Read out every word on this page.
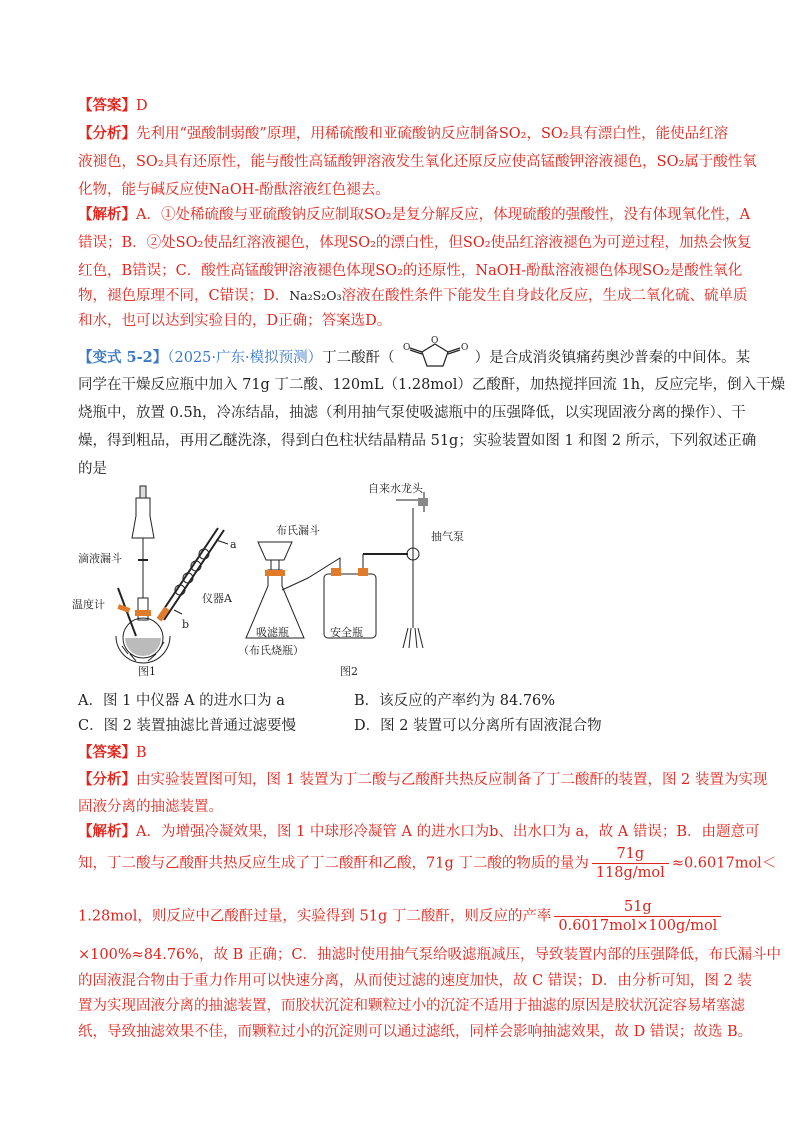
【答案】D
【分析】先利用“强酸制弱酸”原理，用稀硫酸和亚硫酸钠反应制备SO₂，SO₂具有漂白性，能使品红溶
液褪色，SO₂具有还原性，能与酸性高锰酸钾溶液发生氧化还原反应使高锰酸钾溶液褪色，SO₂属于酸性氧
化物，能与碱反应使NaOH-酚酞溶液红色褪去。
【解析】A．①处稀硫酸与亚硫酸钠反应制取SO₂是复分解反应，体现硫酸的强酸性，没有体现氧化性，A
错误；B．②处SO₂使品红溶液褪色，体现SO₂的漂白性，但SO₂使品红溶液褪色为可逆过程，加热会恢复
红色，B错误；C．酸性高锰酸钾溶液褪色体现SO₂的还原性，NaOH-酚酞溶液褪色体现SO₂是酸性氧化
物，褪色原理不同，C错误；D．Na₂S₂O₃溶液在酸性条件下能发生自身歧化反应，生成二氧化硫、硫单质
和水，也可以达到实验目的，D正确；答案选D。
【变式 5-2】（2025·广东·模拟预测）丁二酸酐（
O
O	O
）是合成消炎镇痛药奥沙普秦的中间体。某
同学在干燥反应瓶中加入 71g 丁二酸、120mL（1.28mol）乙酸酐，加热搅拌回流 1h，反应完毕，倒入干燥
烧瓶中，放置 0.5h，冷冻结晶，抽滤（利用抽气泵使吸滤瓶中的压强降低，以实现固液分离的操作）、干
燥，得到粗品，再用乙醚洗涤，得到白色柱状结晶精品 51g；实验装置如图 1 和图 2 所示，下列叙述正确
的是
滴液漏斗
温度计	仪器A
a
b
图1
布氏漏斗
自来水龙头
抽气泵
吸滤瓶
（布氏烧瓶）
安全瓶
图2
A．图 1 中仪器 A 的进水口为 a	B．该反应的产率约为 84.76%
C．图 2 装置抽滤比普通过滤要慢	D．图 2 装置可以分离所有固液混合物
【答案】B
【分析】由实验装置图可知，图 1 装置为丁二酸与乙酸酐共热反应制备了丁二酸酐的装置，图 2 装置为实现
固液分离的抽滤装置。
【解析】A．为增强冷凝效果，图 1 中球形冷凝管 A 的进水口为b、出水口为 a，故 A 错误；B．由题意可
知，丁二酸与乙酸酐共热反应生成了丁二酸酐和乙酸，71g 丁二酸的物质的量为 $\frac{71g}{\text{118g/mol}} \approx 0.6017mol<$
1.28mol，则反应中乙酸酐过量，实验得到 51g 丁二酸酐，则反应的产率 $\frac{51g}{\text{0.6017mol×100g/mol}}$
×100%≈84.76%，故 B 正确；C．抽滤时使用抽气泵给吸滤瓶减压，导致装置内部的压强降低，布氏漏斗中
的固液混合物由于重力作用可以快速分离，从而使过滤的速度加快，故 C 错误；D．由分析可知，图 2 装
置为实现固液分离的抽滤装置，而胶状沉淀和颗粒过小的沉淀不适用于抽滤的原因是胶状沉淀容易堵塞滤
纸，导致抽滤效果不佳，而颗粒过小的沉淀则可以通过滤纸，同样会影响抽滤效果，故 D 错误；故选 B。
